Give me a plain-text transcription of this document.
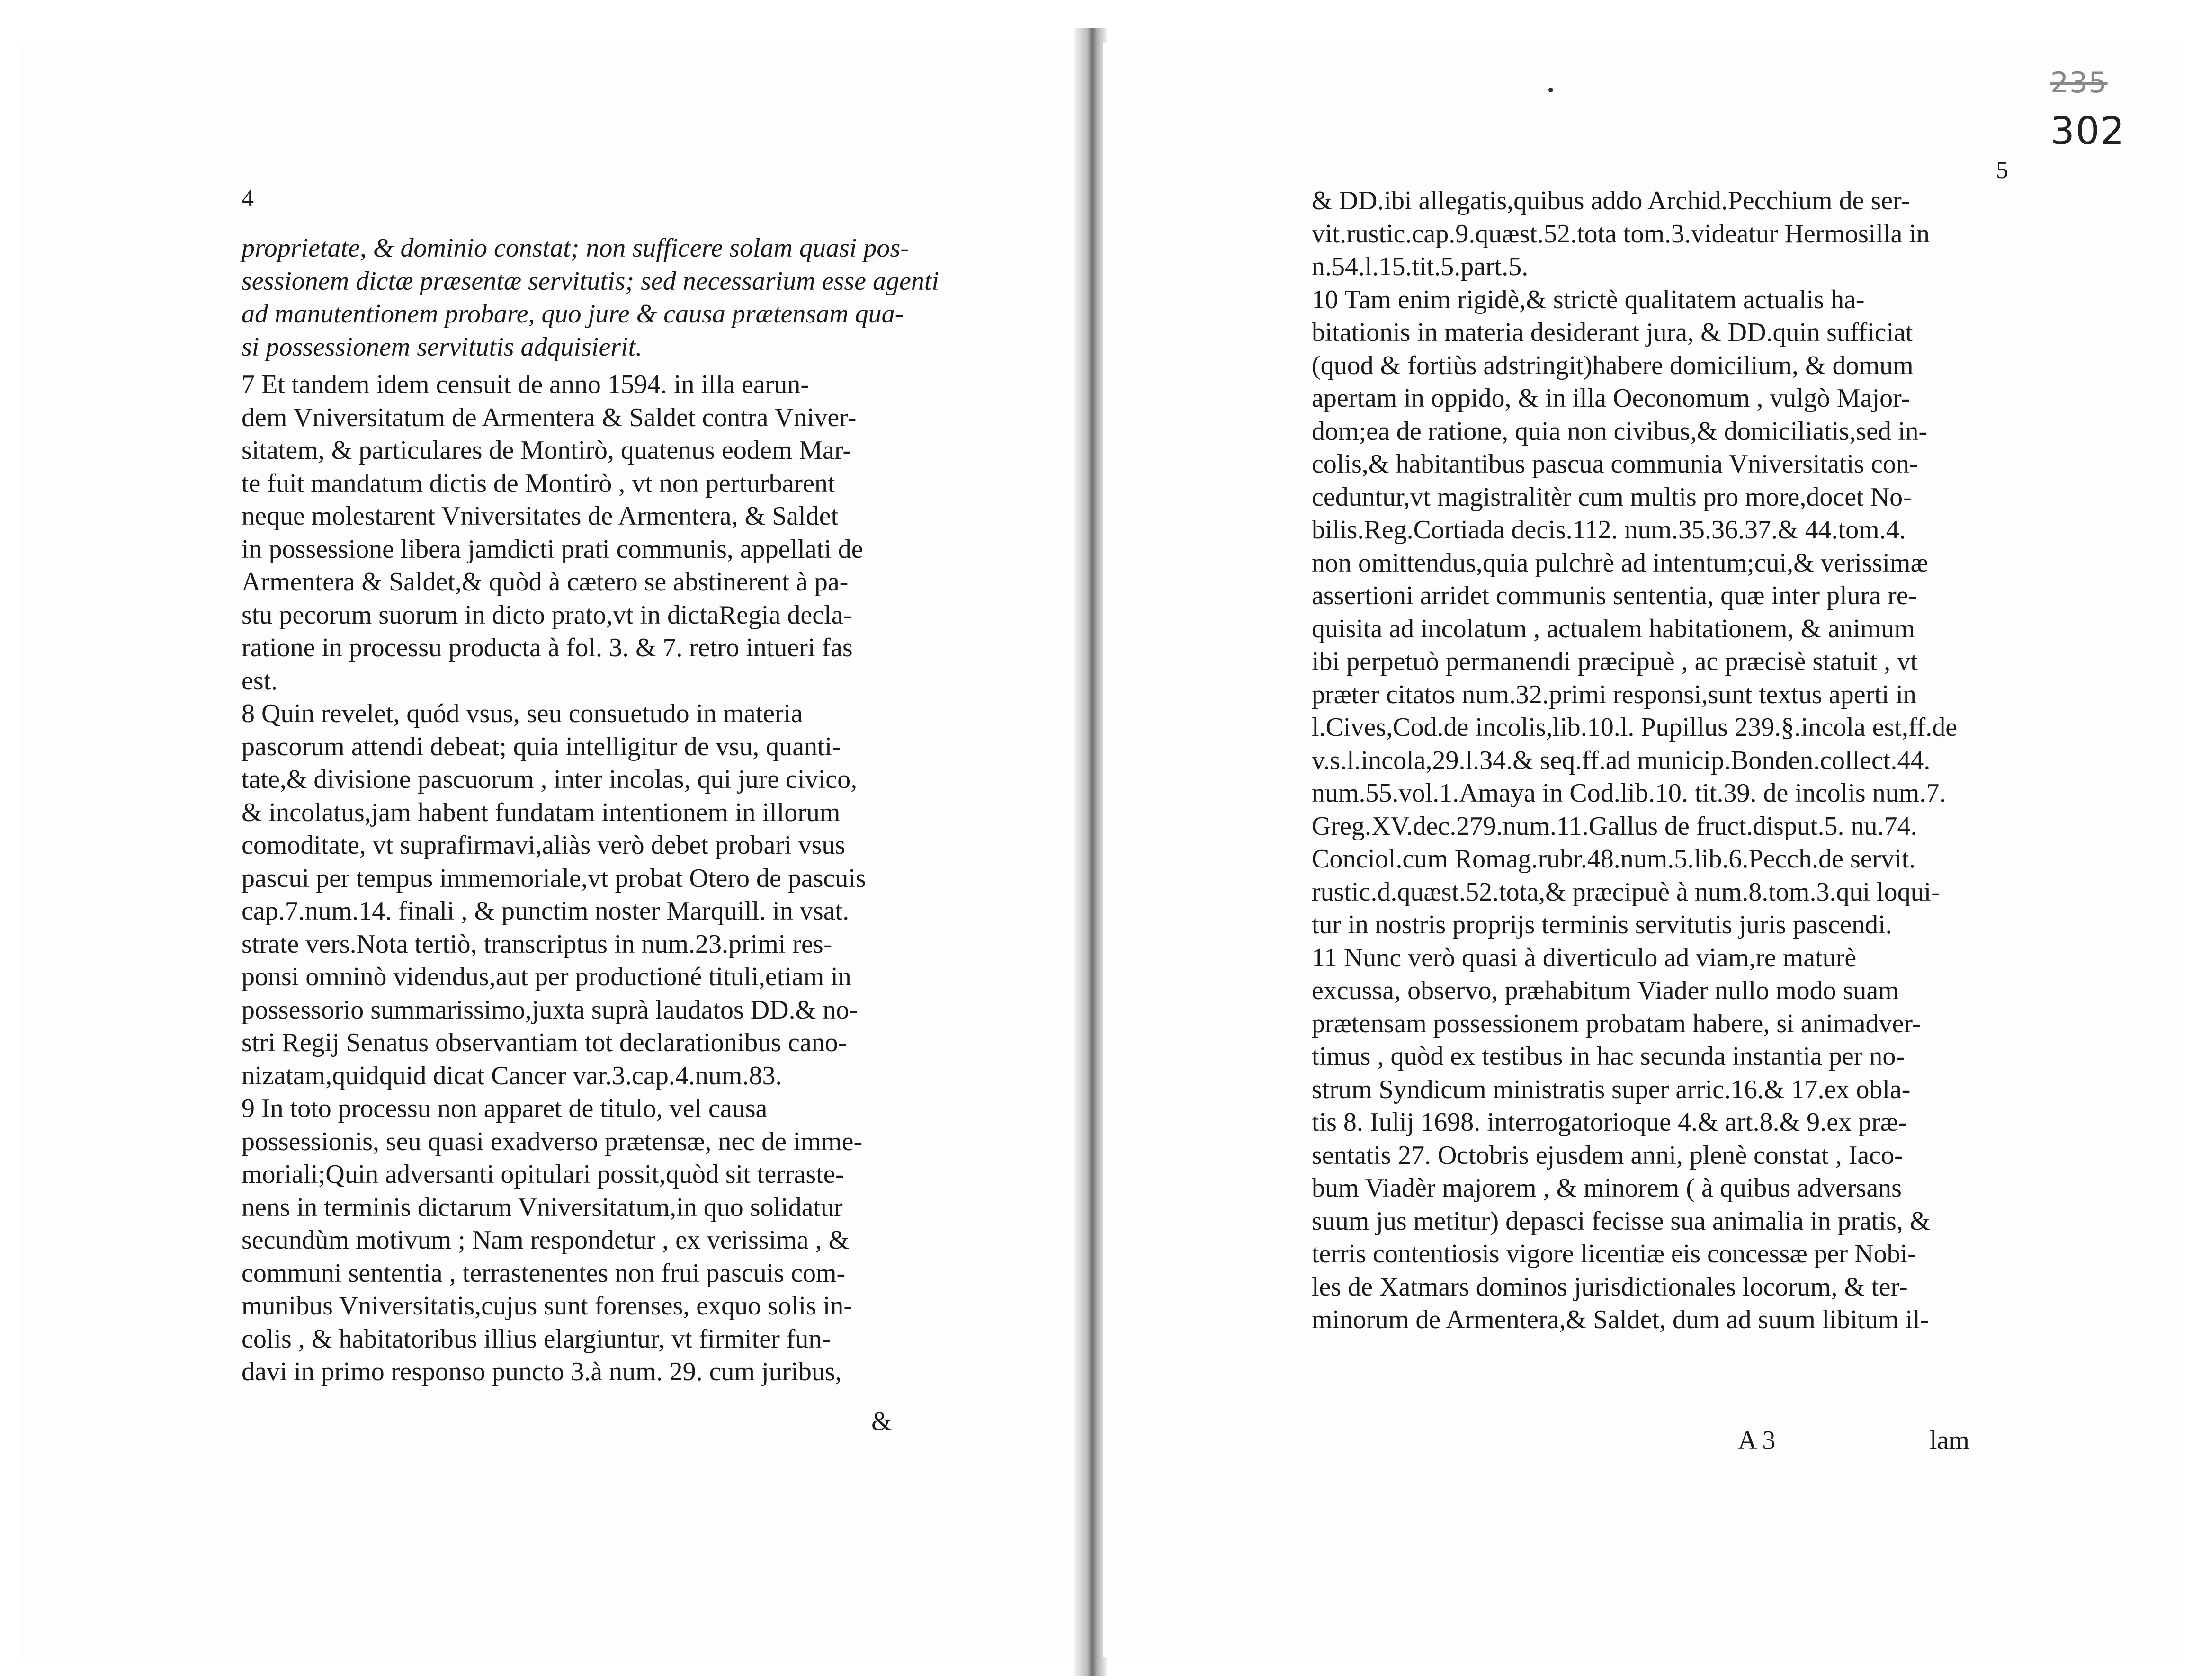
4
proprietate, & dominio constat; non sufficere solam quasi pos-
sessionem dictæ præsentæ servitutis; sed necessarium esse agenti
ad manutentionem probare, quo jure & causa prætensam qua-
si possessionem servitutis adquisierit.
7 Et tandem idem censuit de anno 1594. in illa earun-
dem Vniversitatum de Armentera & Saldet contra Vniver-
sitatem, & particulares de Montirò, quatenus eodem Mar-
te fuit mandatum dictis de Montirò , vt non perturbarent
neque molestarent Vniversitates de Armentera, & Saldet
in possessione libera jamdicti prati communis, appellati de
Armentera & Saldet,& quòd à cætero se abstinerent à pa-
stu pecorum suorum in dicto prato,vt in dictaRegia decla-
ratione in processu producta à fol. 3. & 7. retro intueri fas
est.
8 Quin revelet, quód vsus, seu consuetudo in materia
pascorum attendi debeat; quia intelligitur de vsu, quanti-
tate,& divisione pascuorum , inter incolas, qui jure civico,
& incolatus,jam habent fundatam intentionem in illorum
comoditate, vt suprafirmavi,aliàs verò debet probari vsus
pascui per tempus immemoriale,vt probat Otero de pascuis
cap.7.num.14. finali , & punctim noster Marquill. in vsat.
strate vers.Nota tertiò, transcriptus in num.23.primi res-
ponsi omninò videndus,aut per productioné tituli,etiam in
possessorio summarissimo,juxta suprà laudatos DD.& no-
stri Regij Senatus observantiam tot declarationibus cano-
nizatam,quidquid dicat Cancer var.3.cap.4.num.83.
9 In toto processu non apparet de titulo, vel causa
possessionis, seu quasi exadverso prætensæ, nec de imme-
moriali;Quin adversanti opitulari possit,quòd sit terraste-
nens in terminis dictarum Vniversitatum,in quo solidatur
secundùm motivum ; Nam respondetur , ex verissima , &
communi sententia , terrastenentes non frui pascuis com-
munibus Vniversitatis,cujus sunt forenses, exquo solis in-
colis , & habitatoribus illius elargiuntur, vt firmiter fun-
davi in primo responso puncto 3.à num. 29. cum juribus,
&
5
235
302
& DD.ibi allegatis,quibus addo Archid.Pecchium de ser-
vit.rustic.cap.9.quæst.52.tota tom.3.videatur Hermosilla in
n.54.l.15.tit.5.part.5.
10 Tam enim rigidè,& strictè qualitatem actualis ha-
bitationis in materia desiderant jura, & DD.quin sufficiat
(quod & fortiùs adstringit)habere domicilium, & domum
apertam in oppido, & in illa Oeconomum , vulgò Major-
dom;ea de ratione, quia non civibus,& domiciliatis,sed in-
colis,& habitantibus pascua communia Vniversitatis con-
ceduntur,vt magistralitèr cum multis pro more,docet No-
bilis.Reg.Cortiada decis.112. num.35.36.37.& 44.tom.4.
non omittendus,quia pulchrè ad intentum;cui,& verissimæ
assertioni arridet communis sententia, quæ inter plura re-
quisita ad incolatum , actualem habitationem, & animum
ibi perpetuò permanendi præcipuè , ac præcisè statuit , vt
præter citatos num.32.primi responsi,sunt textus aperti in
l.Cives,Cod.de incolis,lib.10.l. Pupillus 239.§.incola est,ff.de
v.s.l.incola,29.l.34.& seq.ff.ad municip.Bonden.collect.44.
num.55.vol.1.Amaya in Cod.lib.10. tit.39. de incolis num.7.
Greg.XV.dec.279.num.11.Gallus de fruct.disput.5. nu.74.
Conciol.cum Romag.rubr.48.num.5.lib.6.Pecch.de servit.
rustic.d.quæst.52.tota,& præcipuè à num.8.tom.3.qui loqui-
tur in nostris proprijs terminis servitutis juris pascendi.
11 Nunc verò quasi à diverticulo ad viam,re maturè
excussa, observo, præhabitum Viader nullo modo suam
prætensam possessionem probatam habere, si animadver-
timus , quòd ex testibus in hac secunda instantia per no-
strum Syndicum ministratis super arric.16.& 17.ex obla-
tis 8. Iulij 1698. interrogatorioque 4.& art.8.& 9.ex præ-
sentatis 27. Octobris ejusdem anni, plenè constat , Iaco-
bum Viadèr majorem , & minorem ( à quibus adversans
suum jus metitur) depasci fecisse sua animalia in pratis, &
terris contentiosis vigore licentiæ eis concessæ per Nobi-
les de Xatmars dominos jurisdictionales locorum, & ter-
minorum de Armentera,& Saldet, dum ad suum libitum il-
A 3	lam
